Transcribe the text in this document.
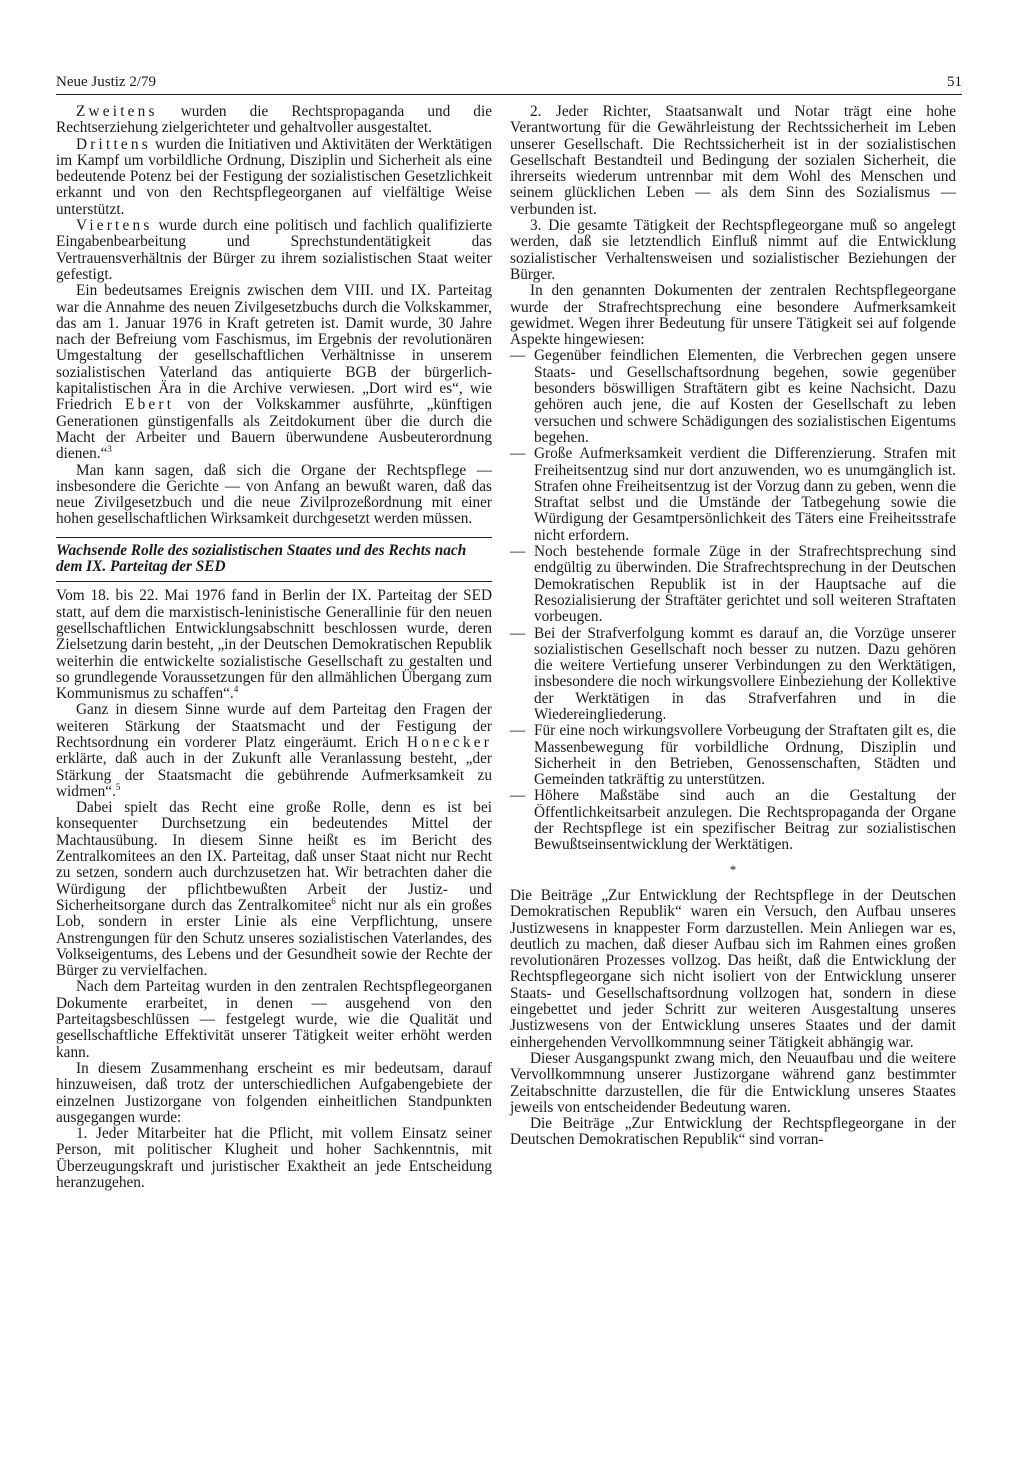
Neue Justiz 2/79	51

Zweitens wurden die Rechtspropaganda und die Rechtserziehung zielgerichteter und gehaltvoller ausgestaltet.

Drittens wurden die Initiativen und Aktivitäten der Werktätigen im Kampf um vorbildliche Ordnung, Disziplin und Sicherheit als eine bedeutende Potenz bei der Festigung der sozialistischen Gesetzlichkeit erkannt und von den Rechtspflegeorganen auf vielfältige Weise unterstützt.

Viertens wurde durch eine politisch und fachlich qualifizierte Eingabenbearbeitung und Sprechstundentätigkeit das Vertrauensverhältnis der Bürger zu ihrem sozialistischen Staat weiter gefestigt.

Ein bedeutsames Ereignis zwischen dem VIII. und IX. Parteitag war die Annahme des neuen Zivilgesetzbuchs durch die Volkskammer, das am 1. Januar 1976 in Kraft getreten ist. Damit wurde, 30 Jahre nach der Befreiung vom Faschismus, im Ergebnis der revolutionären Umgestaltung der gesellschaftlichen Verhältnisse in unserem sozialistischen Vaterland das antiquierte BGB der bürgerlich-kapitalistischen Ära in die Archive verwiesen. „Dort wird es“, wie Friedrich Ebert von der Volkskammer ausführte, „künftigen Generationen günstigenfalls als Zeitdokument über die durch die Macht der Arbeiter und Bauern überwundene Ausbeuterordnung dienen.“$^3$

Man kann sagen, daß sich die Organe der Rechtspflege — insbesondere die Gerichte — von Anfang an bewußt waren, daß das neue Zivilgesetzbuch und die neue Zivilprozeßordnung mit einer hohen gesellschaftlichen Wirksamkeit durchgesetzt werden müssen.

Wachsende Rolle des sozialistischen Staates und des Rechts nach dem IX. Parteitag der SED

Vom 18. bis 22. Mai 1976 fand in Berlin der IX. Parteitag der SED statt, auf dem die marxistisch-leninistische Generallinie für den neuen gesellschaftlichen Entwicklungsabschnitt beschlossen wurde, deren Zielsetzung darin besteht, „in der Deutschen Demokratischen Republik weiterhin die entwickelte sozialistische Gesellschaft zu gestalten und so grundlegende Voraussetzungen für den allmählichen Übergang zum Kommunismus zu schaffen“.$^4$

Ganz in diesem Sinne wurde auf dem Parteitag den Fragen der weiteren Stärkung der Staatsmacht und der Festigung der Rechtsordnung ein vorderer Platz eingeräumt. Erich Honecker erklärte, daß auch in der Zukunft alle Veranlassung besteht, „der Stärkung der Staatsmacht die gebührende Aufmerksamkeit zu widmen“.$^5$

Dabei spielt das Recht eine große Rolle, denn es ist bei konsequenter Durchsetzung ein bedeutendes Mittel der Machtausübung. In diesem Sinne heißt es im Bericht des Zentralkomitees an den IX. Parteitag, daß unser Staat nicht nur Recht zu setzen, sondern auch durchzusetzen hat. Wir betrachten daher die Würdigung der pflichtbewußten Arbeit der Justiz- und Sicherheitsorgane durch das Zentralkomitee$^6$ nicht nur als ein großes Lob, sondern in erster Linie als eine Verpflichtung, unsere Anstrengungen für den Schutz unseres sozialistischen Vaterlandes, des Volkseigentums, des Lebens und der Gesundheit sowie der Rechte der Bürger zu vervielfachen.

Nach dem Parteitag wurden in den zentralen Rechtspflegeorganen Dokumente erarbeitet, in denen — ausgehend von den Parteitagsbeschlüssen — festgelegt wurde, wie die Qualität und gesellschaftliche Effektivität unserer Tätigkeit weiter erhöht werden kann.

In diesem Zusammenhang erscheint es mir bedeutsam, darauf hinzuweisen, daß trotz der unterschiedlichen Aufgabengebiete der einzelnen Justizorgane von folgenden einheitlichen Standpunkten ausgegangen wurde:

1. Jeder Mitarbeiter hat die Pflicht, mit vollem Einsatz seiner Person, mit politischer Klugheit und hoher Sachkenntnis, mit Überzeugungskraft und juristischer Exaktheit an jede Entscheidung heranzugehen.

2. Jeder Richter, Staatsanwalt und Notar trägt eine hohe Verantwortung für die Gewährleistung der Rechtssicherheit im Leben unserer Gesellschaft. Die Rechtssicherheit ist in der sozialistischen Gesellschaft Bestandteil und Bedingung der sozialen Sicherheit, die ihrerseits wiederum untrennbar mit dem Wohl des Menschen und seinem glücklichen Leben — als dem Sinn des Sozialismus — verbunden ist.

3. Die gesamte Tätigkeit der Rechtspflegeorgane muß so angelegt werden, daß sie letztendlich Einfluß nimmt auf die Entwicklung sozialistischer Verhaltensweisen und sozialistischer Beziehungen der Bürger.

In den genannten Dokumenten der zentralen Rechtspflegeorgane wurde der Strafrechtsprechung eine besondere Aufmerksamkeit gewidmet. Wegen ihrer Bedeutung für unsere Tätigkeit sei auf folgende Aspekte hingewiesen:

— Gegenüber feindlichen Elementen, die Verbrechen gegen unsere Staats- und Gesellschaftsordnung begehen, sowie gegenüber besonders böswilligen Straftätern gibt es keine Nachsicht. Dazu gehören auch jene, die auf Kosten der Gesellschaft zu leben versuchen und schwere Schädigungen des sozialistischen Eigentums begehen.
— Große Aufmerksamkeit verdient die Differenzierung. Strafen mit Freiheitsentzug sind nur dort anzuwenden, wo es unumgänglich ist. Strafen ohne Freiheitsentzug ist der Vorzug dann zu geben, wenn die Straftat selbst und die Umstände der Tatbegehung sowie die Würdigung der Gesamtpersönlichkeit des Täters eine Freiheitsstrafe nicht erfordern.
— Noch bestehende formale Züge in der Strafrechtsprechung sind endgültig zu überwinden. Die Strafrechtsprechung in der Deutschen Demokratischen Republik ist in der Hauptsache auf die Resozialisierung der Straftäter gerichtet und soll weiteren Straftaten vorbeugen.
— Bei der Strafverfolgung kommt es darauf an, die Vorzüge unserer sozialistischen Gesellschaft noch besser zu nutzen. Dazu gehören die weitere Vertiefung unserer Verbindungen zu den Werktätigen, insbesondere die noch wirkungsvollere Einbeziehung der Kollektive der Werktätigen in das Strafverfahren und in die Wiedereingliederung.
— Für eine noch wirkungsvollere Vorbeugung der Straftaten gilt es, die Massenbewegung für vorbildliche Ordnung, Disziplin und Sicherheit in den Betrieben, Genossenschaften, Städten und Gemeinden tatkräftig zu unterstützen.
— Höhere Maßstäbe sind auch an die Gestaltung der Öffentlichkeitsarbeit anzulegen. Die Rechtspropaganda der Organe der Rechtspflege ist ein spezifischer Beitrag zur sozialistischen Bewußtseinsentwicklung der Werktätigen.
*

Die Beiträge „Zur Entwicklung der Rechtspflege in der Deutschen Demokratischen Republik“ waren ein Versuch, den Aufbau unseres Justizwesens in knappester Form darzustellen. Mein Anliegen war es, deutlich zu machen, daß dieser Aufbau sich im Rahmen eines großen revolutionären Prozesses vollzog. Das heißt, daß die Entwicklung der Rechtspflegeorgane sich nicht isoliert von der Entwicklung unserer Staats- und Gesellschaftsordnung vollzogen hat, sondern in diese eingebettet und jeder Schritt zur weiteren Ausgestaltung unseres Justizwesens von der Entwicklung unseres Staates und der damit einhergehenden Vervollkommnung seiner Tätigkeit abhängig war.

Dieser Ausgangspunkt zwang mich, den Neuaufbau und die weitere Vervollkommnung unserer Justizorgane während ganz bestimmter Zeitabschnitte darzustellen, die für die Entwicklung unseres Staates jeweils von entscheidender Bedeutung waren.

Die Beiträge „Zur Entwicklung der Rechtspflegeorgane in der Deutschen Demokratischen Republik“ sind vorran-
